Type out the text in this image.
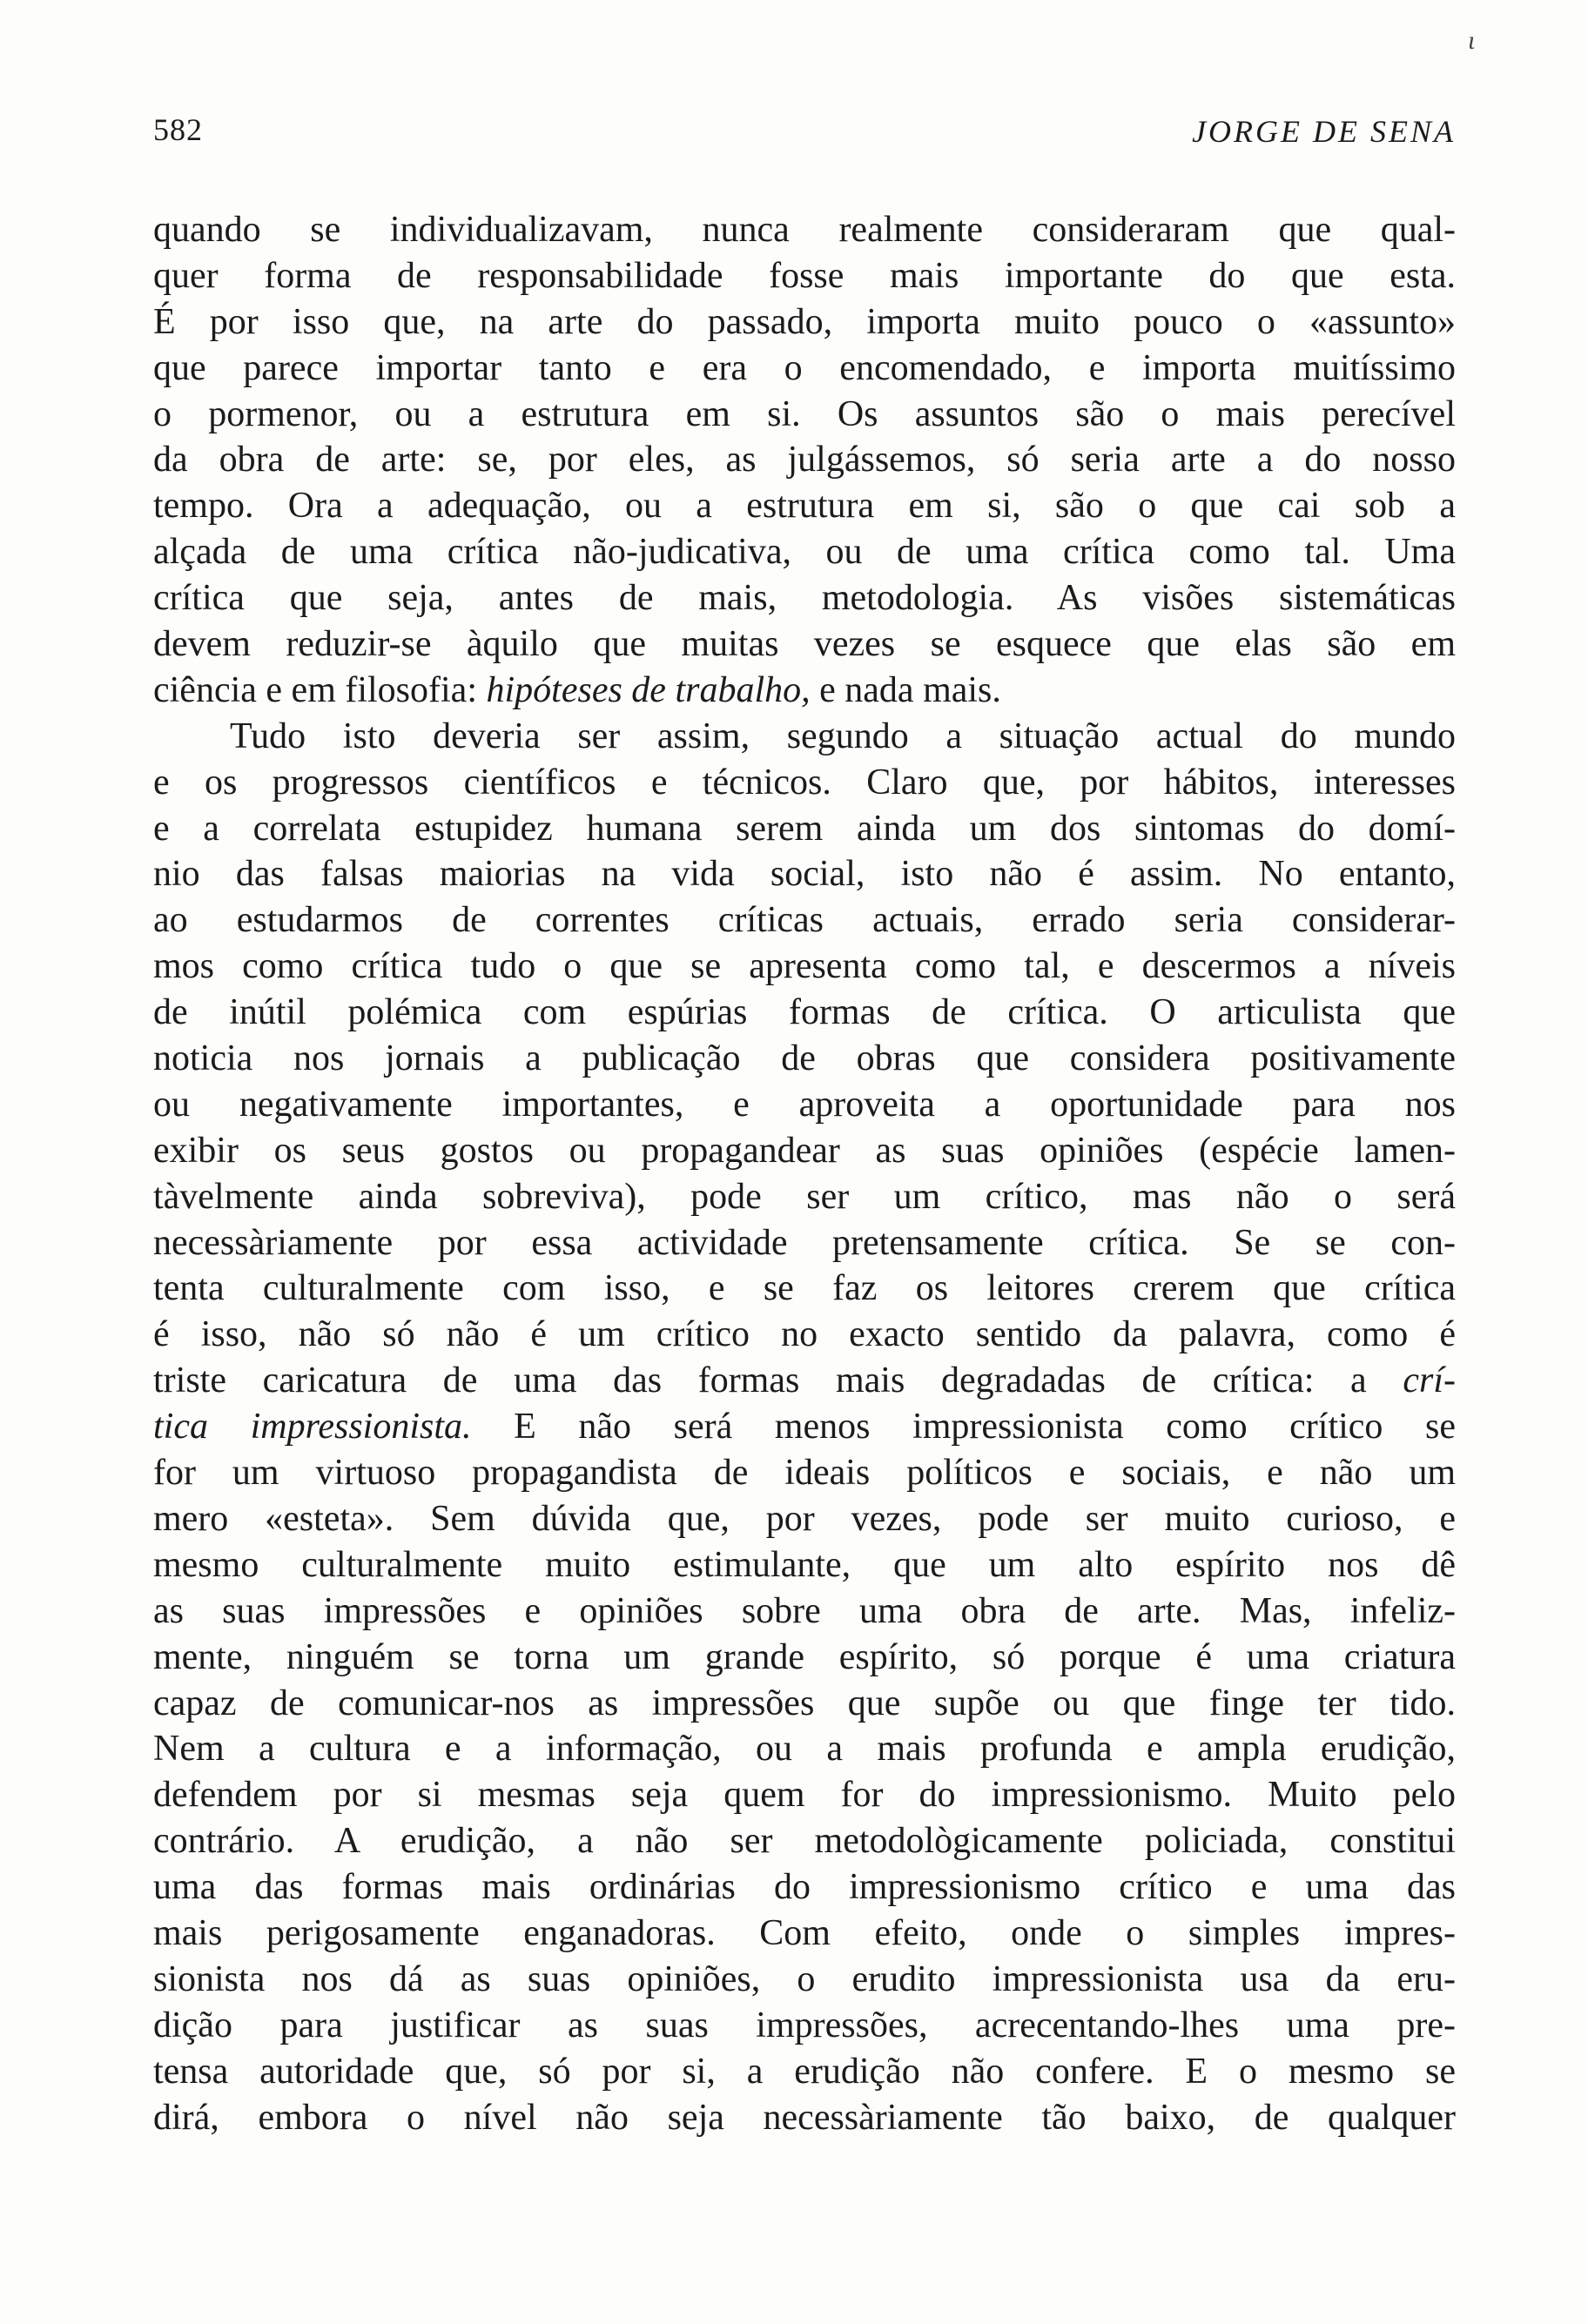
ɩ
582	JORGE DE SENA
quando se individualizavam, nunca realmente consideraram que qual-
quer forma de responsabilidade fosse mais importante do que esta.
É por isso que, na arte do passado, importa muito pouco o «assunto»
que parece importar tanto e era o encomendado, e importa muitíssimo
o pormenor, ou a estrutura em si. Os assuntos são o mais perecível
da obra de arte: se, por eles, as julgássemos, só seria arte a do nosso
tempo. Ora a adequação, ou a estrutura em si, são o que cai sob a
alçada de uma crítica não-judicativa, ou de uma crítica como tal. Uma
crítica que seja, antes de mais, metodologia. As visões sistemáticas
devem reduzir-se àquilo que muitas vezes se esquece que elas são em
ciência e em filosofia: hipóteses de trabalho, e nada mais.
Tudo isto deveria ser assim, segundo a situação actual do mundo
e os progressos científicos e técnicos. Claro que, por hábitos, interesses
e a correlata estupidez humana serem ainda um dos sintomas do domí-
nio das falsas maiorias na vida social, isto não é assim. No entanto,
ao estudarmos de correntes críticas actuais, errado seria considerar-
mos como crítica tudo o que se apresenta como tal, e descermos a níveis
de inútil polémica com espúrias formas de crítica. O articulista que
noticia nos jornais a publicação de obras que considera positivamente
ou negativamente importantes, e aproveita a oportunidade para nos
exibir os seus gostos ou propagandear as suas opiniões (espécie lamen-
tàvelmente ainda sobreviva), pode ser um crítico, mas não o será
necessàriamente por essa actividade pretensamente crítica. Se se con-
tenta culturalmente com isso, e se faz os leitores crerem que crítica
é isso, não só não é um crítico no exacto sentido da palavra, como é
triste caricatura de uma das formas mais degradadas de crítica: a crí-
tica impressionista. E não será menos impressionista como crítico se
for um virtuoso propagandista de ideais políticos e sociais, e não um
mero «esteta». Sem dúvida que, por vezes, pode ser muito curioso, e
mesmo culturalmente muito estimulante, que um alto espírito nos dê
as suas impressões e opiniões sobre uma obra de arte. Mas, infeliz-
mente, ninguém se torna um grande espírito, só porque é uma criatura
capaz de comunicar-nos as impressões que supõe ou que finge ter tido.
Nem a cultura e a informação, ou a mais profunda e ampla erudição,
defendem por si mesmas seja quem for do impressionismo. Muito pelo
contrário. A erudição, a não ser metodològicamente policiada, constitui
uma das formas mais ordinárias do impressionismo crítico e uma das
mais perigosamente enganadoras. Com efeito, onde o simples impres-
sionista nos dá as suas opiniões, o erudito impressionista usa da eru-
dição para justificar as suas impressões, acrecentando-lhes uma pre-
tensa autoridade que, só por si, a erudição não confere. E o mesmo se
dirá, embora o nível não seja necessàriamente tão baixo, de qualquer
